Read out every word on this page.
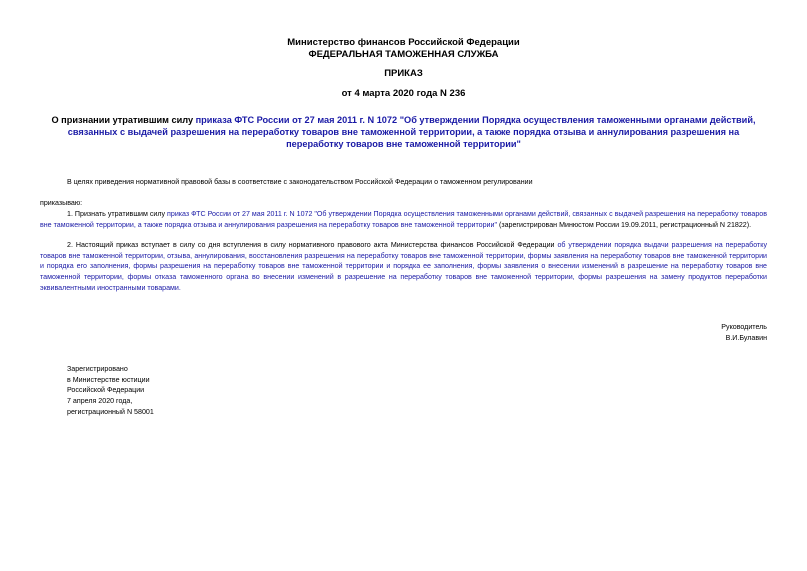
Министерство финансов Российской Федерации
ФЕДЕРАЛЬНАЯ ТАМОЖЕННАЯ СЛУЖБА
ПРИКАЗ
от 4 марта 2020 года N 236
О признании утратившим силу приказа ФТС России от 27 мая 2011 г. N 1072 "Об утверждении Порядка осуществления таможенными органами действий, связанных с выдачей разрешения на переработку товаров вне таможенной территории, а также порядка отзыва и аннулирования разрешения на переработку товаров вне таможенной территории"
В целях приведения нормативной правовой базы в соответствие с законодательством Российской Федерации о таможенном регулировании
приказываю:
1. Признать утратившим силу приказ ФТС России от 27 мая 2011 г. N 1072 "Об утверждении Порядка осуществления таможенными органами действий, связанных с выдачей разрешения на переработку товаров вне таможенной территории, а также порядка отзыва и аннулирования разрешения на переработку товаров вне таможенной территории" (зарегистрирован Минюстом России 19.09.2011, регистрационный N 21822).
2. Настоящий приказ вступает в силу со дня вступления в силу нормативного правового акта Министерства финансов Российской Федерации об утверждении порядка выдачи разрешения на переработку товаров вне таможенной территории, отзыва, аннулирования, восстановления разрешения на переработку товаров вне таможенной территории, формы заявления на переработку товаров вне таможенной территории и порядка его заполнения, формы разрешения на переработку товаров вне таможенной территории и порядка ее заполнения, формы заявления о внесении изменений в разрешение на переработку товаров вне таможенной территории, формы отказа таможенного органа во внесении изменений в разрешение на переработку товаров вне таможенной территории, формы разрешения на замену продуктов переработки эквивалентными иностранными товарами.
Руководитель
В.И.Булавин
Зарегистрировано
в Министерстве юстиции
Российской Федерации
7 апреля 2020 года,
регистрационный N 58001
